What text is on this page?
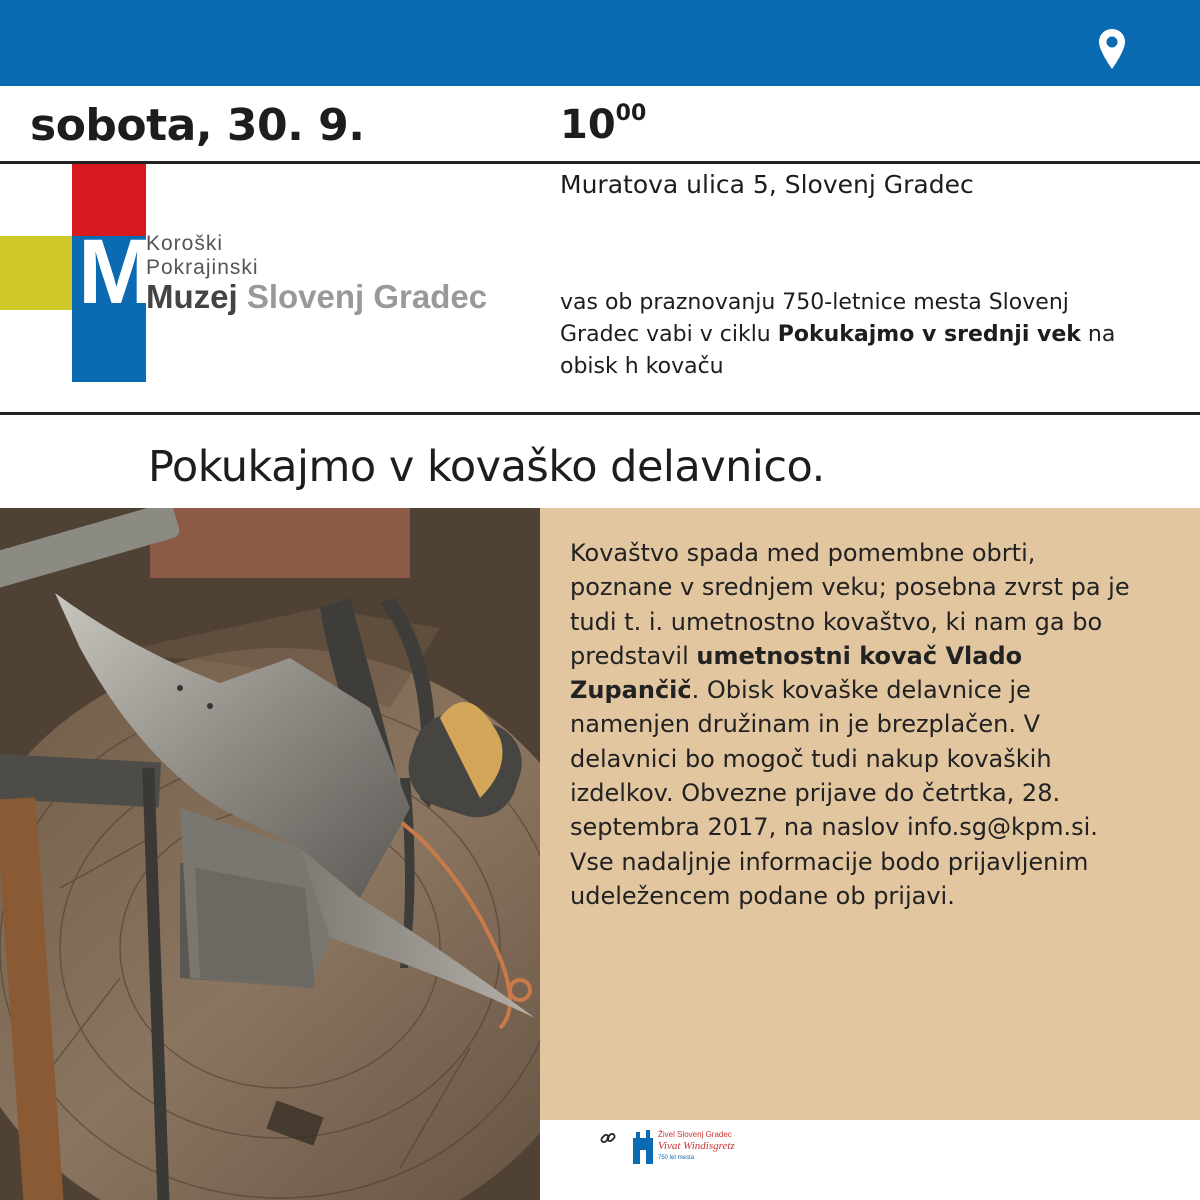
sobota, 30. 9.	$10^{00}$
M
Koroški
Pokrajinski
Muzej Slovenj Gradec
Muratova ulica 5, Slovenj Gradec
vas ob praznovanju 750-letnice mesta Slovenj Gradec vabi v ciklu Pokukajmo v srednji vek na obisk h kovaču
Pokukajmo v kovaško delavnico.
Kovaštvo spada med pomembne obrti, poznane v srednjem veku; posebna zvrst pa je tudi t. i. umetnostno kovaštvo, ki nam ga bo predstavil umetnostni kovač Vlado Zupančič. Obisk kovaške delavnice je namenjen družinam in je brezplačen. V delavnici bo mogoč tudi nakup kovaških izdelkov. Obvezne prijave do četrtka, 28. septembra 2017, na naslov info.sg@kpm.si. Vse nadaljnje informacije bodo prijavljenim udeležencem podane ob prijavi.
Živel Slovenj Gradec
Vivat Windisgretz
750 let mesta
